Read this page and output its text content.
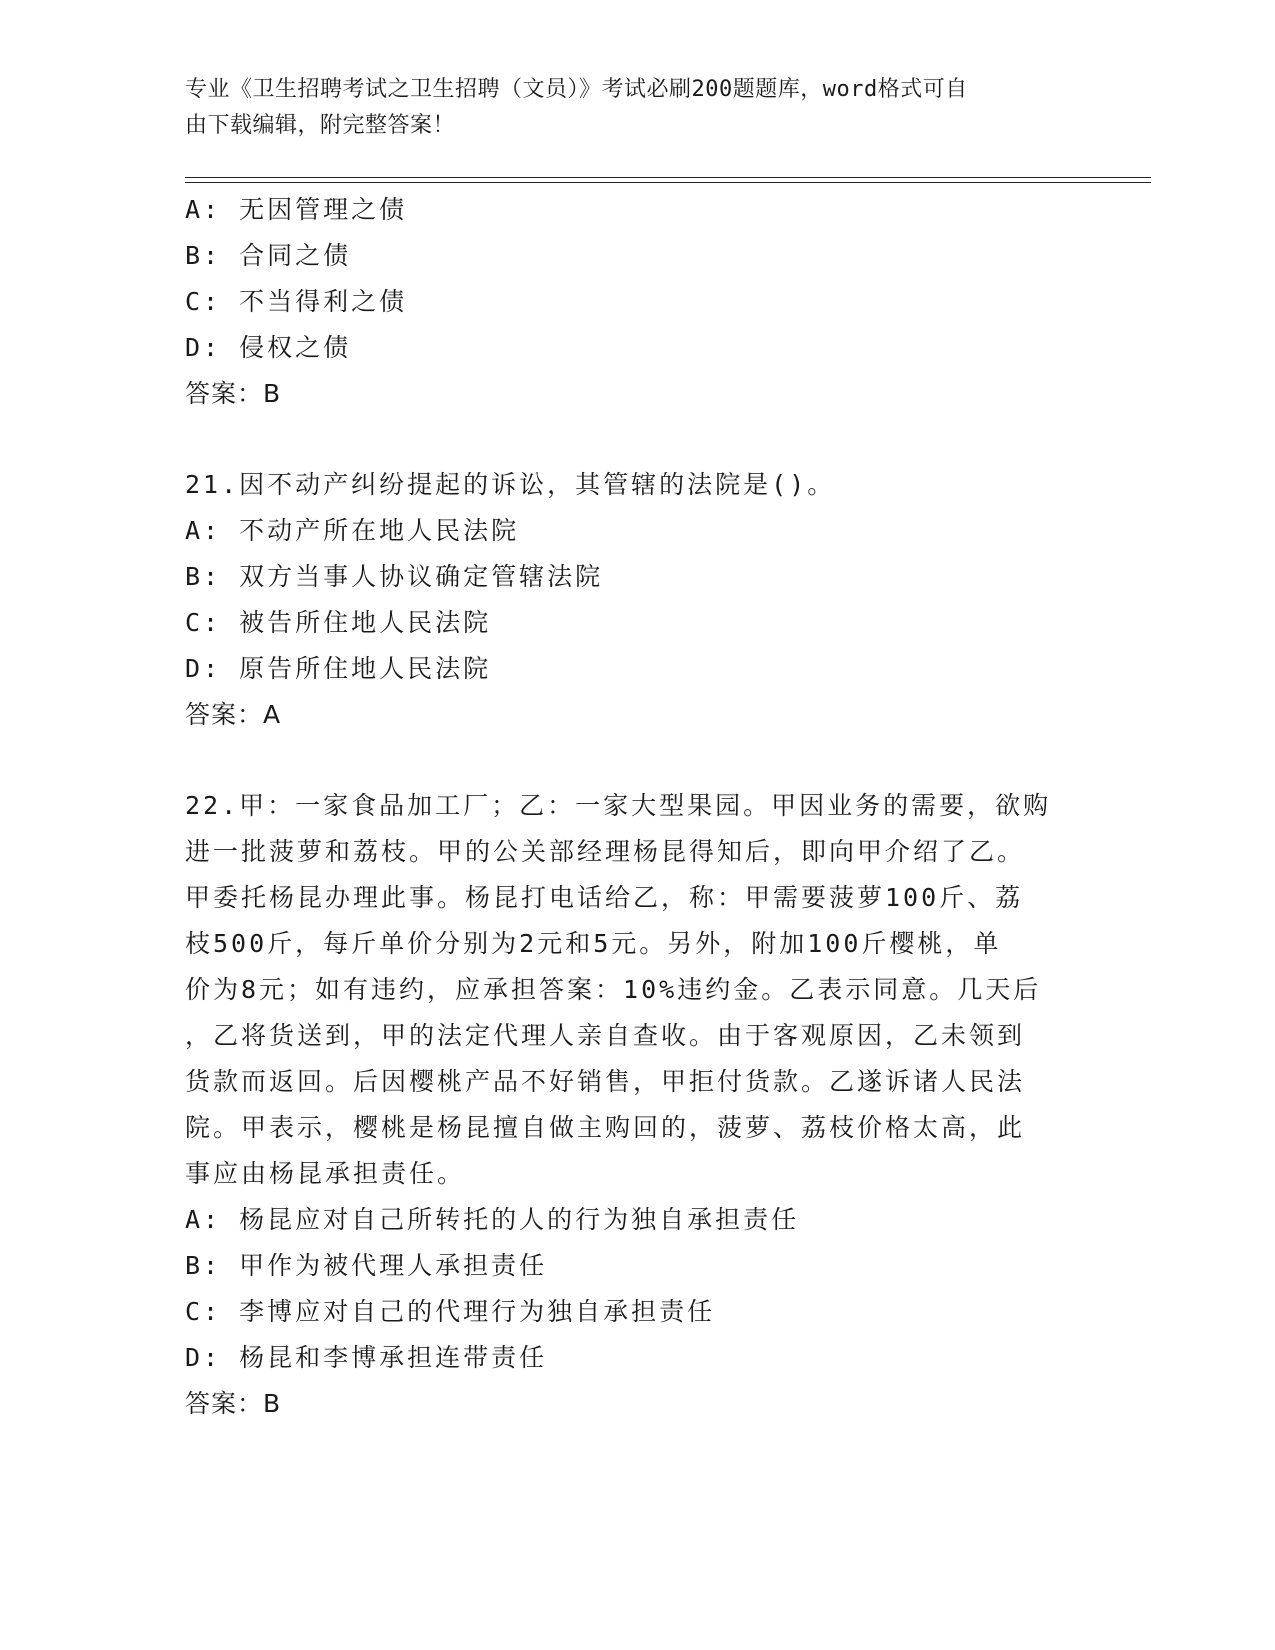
专业《卫生招聘考试之卫生招聘（文员）》考试必刷200题题库，word格式可自
由下载编辑，附完整答案！
A: 无因管理之债
B: 合同之债
C: 不当得利之债
D: 侵权之债
答案：B
21.因不动产纠纷提起的诉讼，其管辖的法院是()。
A: 不动产所在地人民法院
B: 双方当事人协议确定管辖法院
C: 被告所住地人民法院
D: 原告所住地人民法院
答案：A
22.甲：一家食品加工厂；乙：一家大型果园。甲因业务的需要，欲购
进一批菠萝和荔枝。甲的公关部经理杨昆得知后，即向甲介绍了乙。
甲委托杨昆办理此事。杨昆打电话给乙，称：甲需要菠萝100斤、荔
枝500斤，每斤单价分别为2元和5元。另外，附加100斤樱桃，单
价为8元；如有违约，应承担答案：10%违约金。乙表示同意。几天后
，乙将货送到，甲的法定代理人亲自查收。由于客观原因，乙未领到
货款而返回。后因樱桃产品不好销售，甲拒付货款。乙遂诉诸人民法
院。甲表示，樱桃是杨昆擅自做主购回的，菠萝、荔枝价格太高，此
事应由杨昆承担责任。
A: 杨昆应对自己所转托的人的行为独自承担责任
B: 甲作为被代理人承担责任
C: 李博应对自己的代理行为独自承担责任
D: 杨昆和李博承担连带责任
答案：B
